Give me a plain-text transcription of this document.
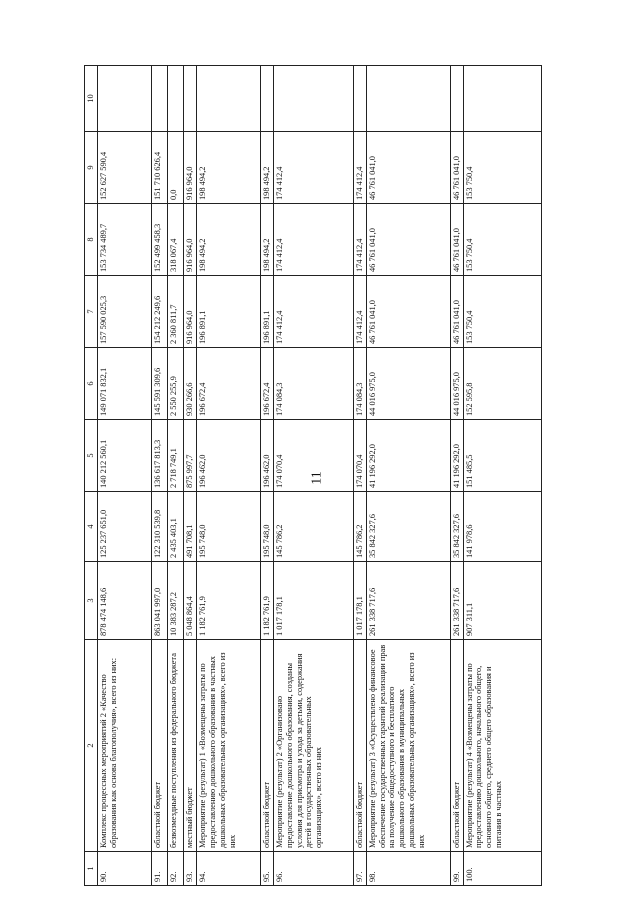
11
1	2	3	4	5	6	7	8	9	10
90.	Комплекс процессных мероприятий 2 «Качество образования как основа благополучия», всего из них:	878 474 148,6	125 237 651,0	140 212 560,1	149 071 832,1	157 590 025,3	153 734 489,7	152 627 590,4	
91.	областной бюджет	863 041 997,0	122 310 539,8	136 617 813,3	145 591 309,6	154 212 249,6	152 499 458,3	151 710 626,4	
92.	безвозмездные поступления из федерального бюджета	10 383 287,2	2 435 403,1	2 718 749,1	2 550 255,9	2 360 811,7	318 067,4	0,0	
93.	местный бюджет	5 048 864,4	491 708,1	875 997,7	930 266,6	916 964,0	916 964,0	916 964,0	
94.	Мероприятие (результат) 1 «Возмещены затраты по предоставлению дошкольного образования в частных дошкольных образовательных организациях», всего из них	1 182 761,9	195 748,0	196 462,0	196 672,4	196 891,1	198 494,2	198 494,2	
95.	областной бюджет	1 182 761,9	195 748,0	196 462,0	196 672,4	196 891,1	198 494,2	198 494,2	
96.	Мероприятие (результат) 2 «Организовано предоставление дошкольного образования, созданы условия для присмотра и ухода за детьми, содержания детей в государственных образовательных организациях», всего из них	1 017 178,1	145 786,2	174 070,4	174 084,3	174 412,4	174 412,4	174 412,4	
97.	областной бюджет	1 017 178,1	145 786,2	174 070,4	174 084,3	174 412,4	174 412,4	174 412,4	
98.	Мероприятие (результат) 3 «Осуществлено финансовое обеспечение государственных гарантий реализации прав на получение общедоступного и бесплатного дошкольного образования в муниципальных дошкольных образовательных организациях», всего из них	261 338 717,6	35 842 327,6	41 196 292,0	44 016 975,0	46 761 041,0	46 761 041,0	46 761 041,0	
99.	областной бюджет	261 338 717,6	35 842 327,6	41 196 292,0	44 016 975,0	46 761 041,0	46 761 041,0	46 761 041,0	
100.	Мероприятие (результат) 4 «Возмещены затраты по предоставлению дошкольного, начального общего, основного общего, среднего общего образования и питания в частных	907 311,1	141 978,6	151 485,5	152 595,8	153 750,4	153 750,4	153 750,4	
